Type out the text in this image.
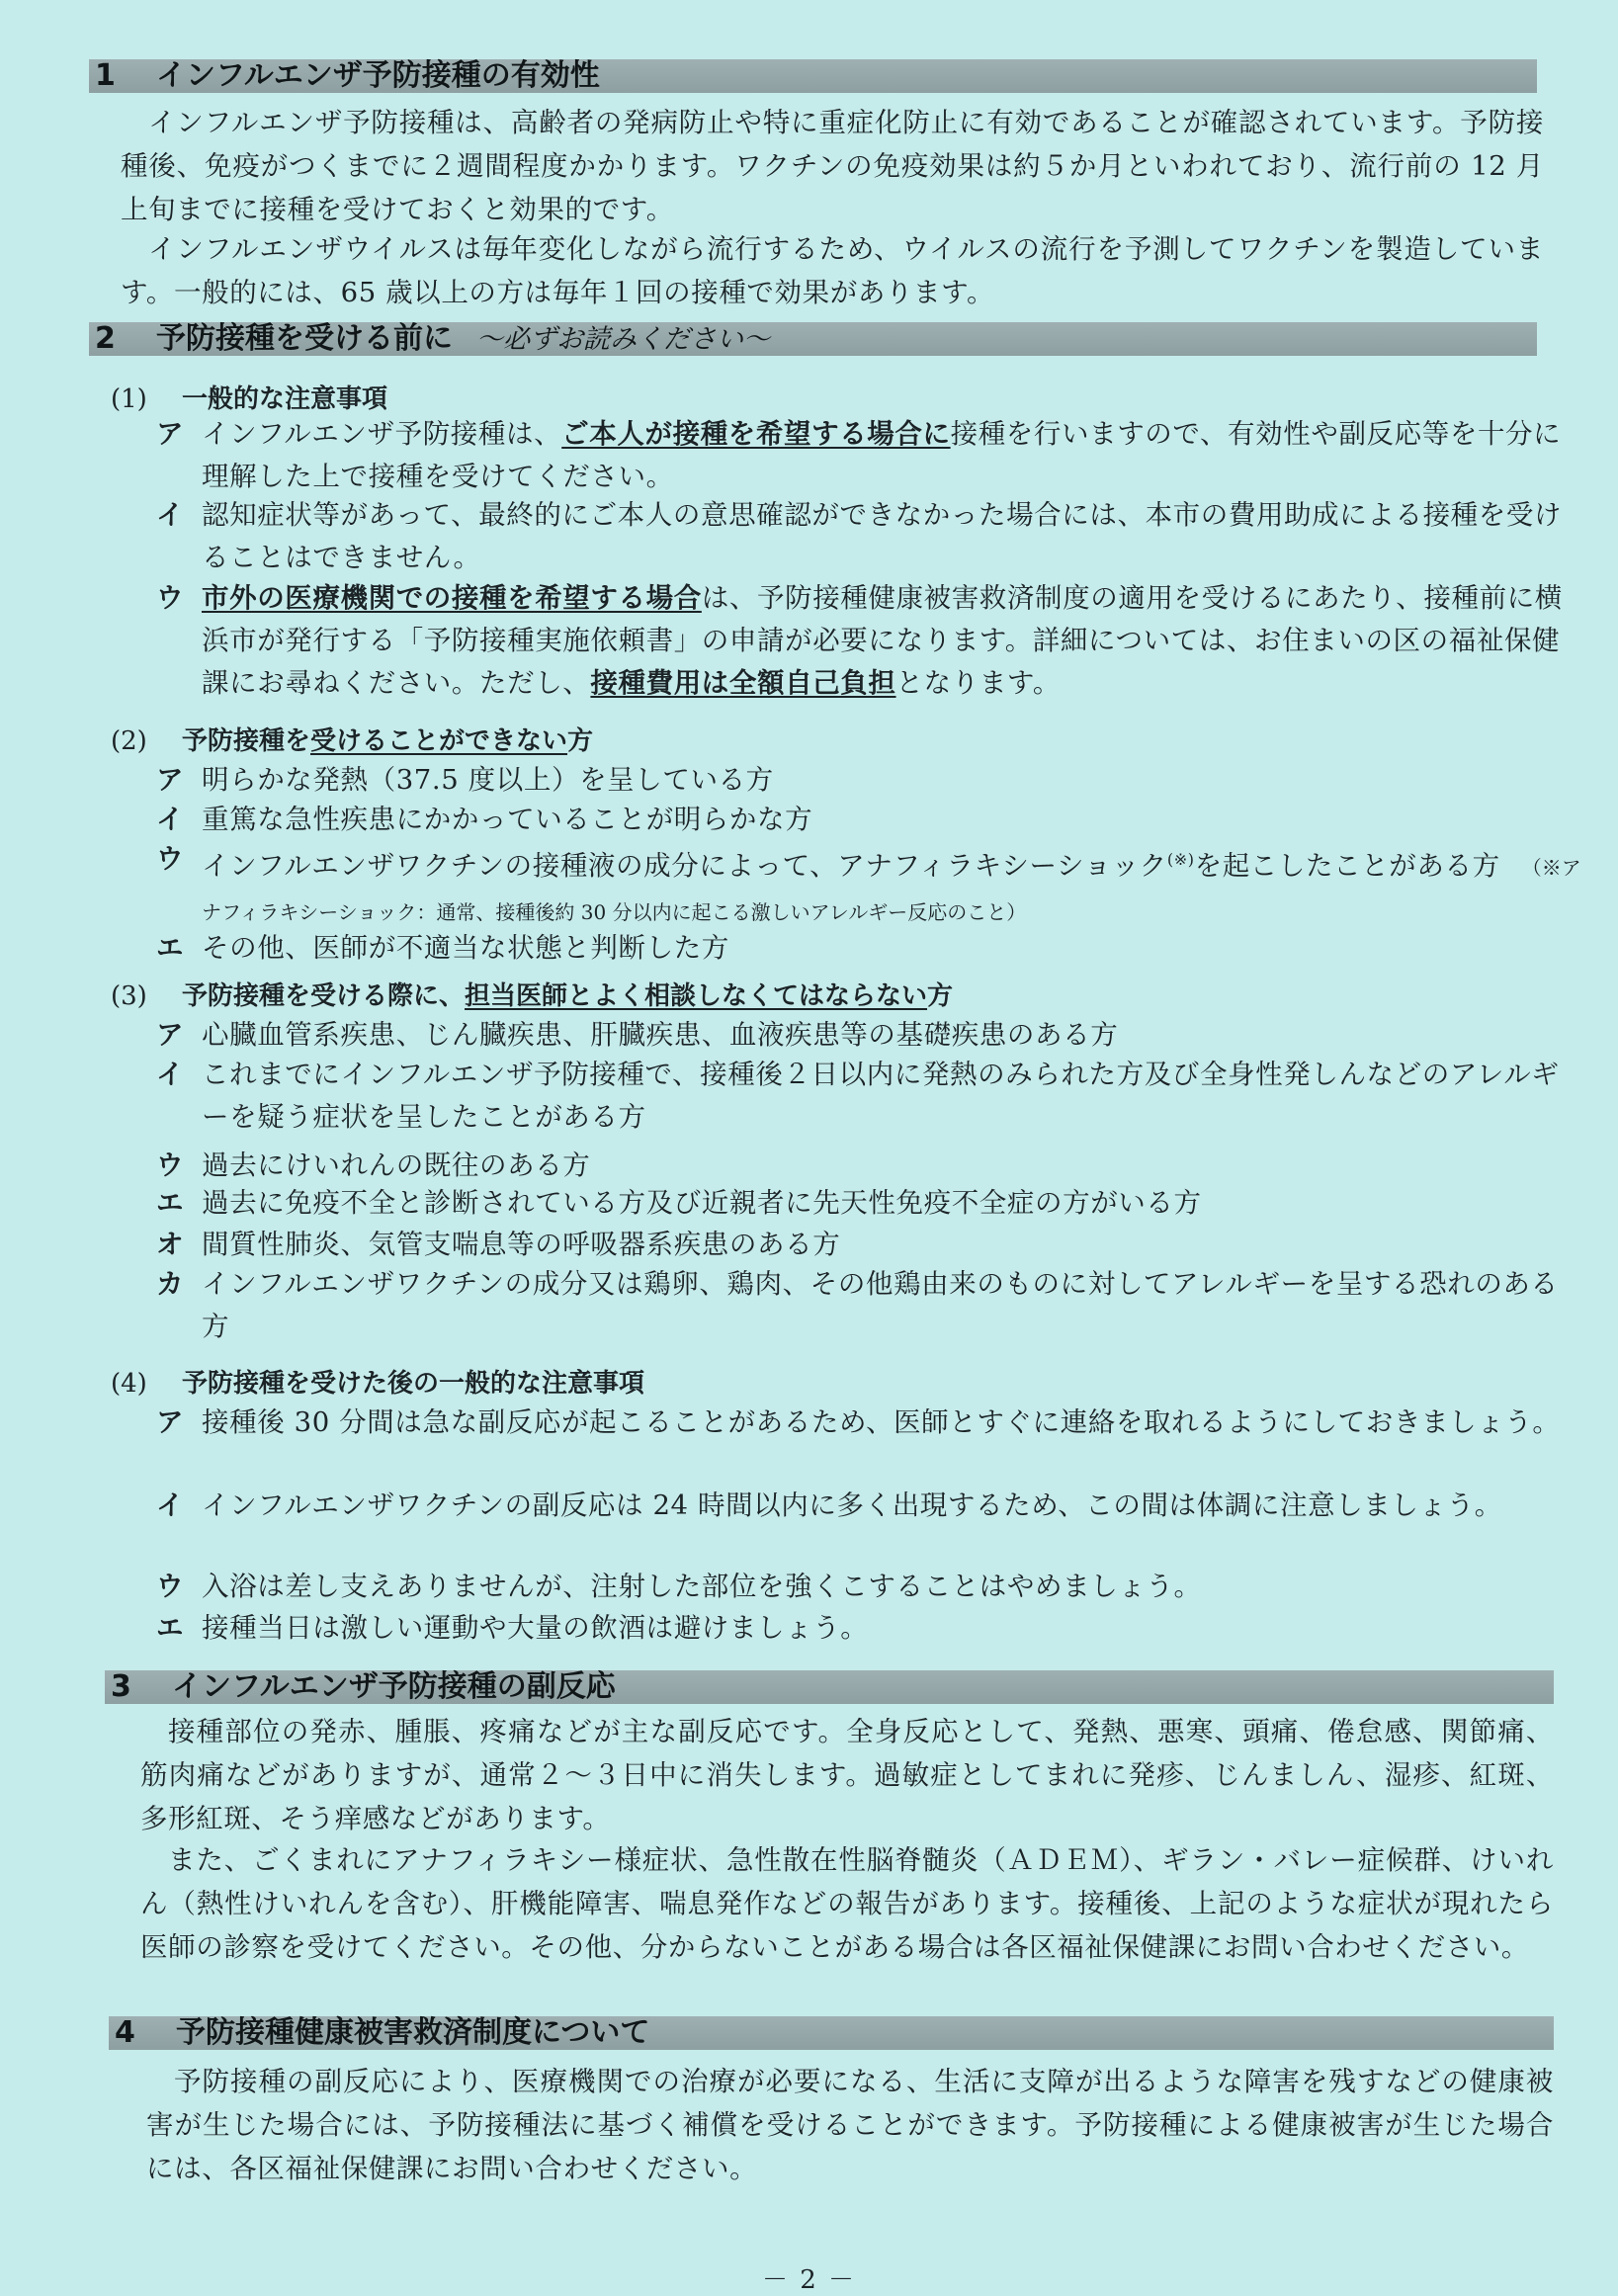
1 インフルエンザ予防接種の有効性
インフルエンザ予防接種は、高齢者の発病防止や特に重症化防止に有効であることが確認されています。予防接種後、免疫がつくまでに２週間程度かかります。ワクチンの免疫効果は約５か月といわれており、流行前の 12 月上旬までに接種を受けておくと効果的です。
インフルエンザウイルスは毎年変化しながら流行するため、ウイルスの流行を予測してワクチンを製造しています。一般的には、65 歳以上の方は毎年１回の接種で効果があります。
2 予防接種を受ける前に ～必ずお読みください～
(1) 一般的な注意事項
ア インフルエンザ予防接種は、ご本人が接種を希望する場合に接種を行いますので、有効性や副反応等を十分に理解した上で接種を受けてください。
イ 認知症状等があって、最終的にご本人の意思確認ができなかった場合には、本市の費用助成による接種を受けることはできません。
ウ 市外の医療機関での接種を希望する場合は、予防接種健康被害救済制度の適用を受けるにあたり、接種前に横浜市が発行する「予防接種実施依頼書」の申請が必要になります。詳細については、お住まいの区の福祉保健課にお尋ねください。ただし、接種費用は全額自己負担となります。
(2) 予防接種を受けることができない方
ア 明らかな発熱（37.5 度以上）を呈している方
イ 重篤な急性疾患にかかっていることが明らかな方
ウ インフルエンザワクチンの接種液の成分によって、アナフィラキシーショック(※)を起こしたことがある方 （※アナフィラキシーショック：通常、接種後約 30 分以内に起こる激しいアレルギー反応のこと）
エ その他、医師が不適当な状態と判断した方
(3) 予防接種を受ける際に、担当医師とよく相談しなくてはならない方
ア 心臓血管系疾患、じん臓疾患、肝臓疾患、血液疾患等の基礎疾患のある方
イ これまでにインフルエンザ予防接種で、接種後２日以内に発熱のみられた方及び全身性発しんなどのアレルギーを疑う症状を呈したことがある方
ウ 過去にけいれんの既往のある方
エ 過去に免疫不全と診断されている方及び近親者に先天性免疫不全症の方がいる方
オ 間質性肺炎、気管支喘息等の呼吸器系疾患のある方
カ インフルエンザワクチンの成分又は鶏卵、鶏肉、その他鶏由来のものに対してアレルギーを呈する恐れのある方
(4) 予防接種を受けた後の一般的な注意事項
ア 接種後 30 分間は急な副反応が起こることがあるため、医師とすぐに連絡を取れるようにしておきましょう。
イ インフルエンザワクチンの副反応は 24 時間以内に多く出現するため、この間は体調に注意しましょう。
ウ 入浴は差し支えありませんが、注射した部位を強くこすることはやめましょう。
エ 接種当日は激しい運動や大量の飲酒は避けましょう。
3 インフルエンザ予防接種の副反応
接種部位の発赤、腫脹、疼痛などが主な副反応です。全身反応として、発熱、悪寒、頭痛、倦怠感、関節痛、筋肉痛などがありますが、通常２～３日中に消失します。過敏症としてまれに発疹、じんましん、湿疹、紅斑、多形紅斑、そう痒感などがあります。
また、ごくまれにアナフィラキシー様症状、急性散在性脳脊髄炎（ＡＤＥＭ）、ギラン・バレー症候群、けいれん（熱性けいれんを含む）、肝機能障害、喘息発作などの報告があります。接種後、上記のような症状が現れたら医師の診察を受けてください。その他、分からないことがある場合は各区福祉保健課にお問い合わせください。
4 予防接種健康被害救済制度について
予防接種の副反応により、医療機関での治療が必要になる、生活に支障が出るような障害を残すなどの健康被害が生じた場合には、予防接種法に基づく補償を受けることができます。予防接種による健康被害が生じた場合には、各区福祉保健課にお問い合わせください。
－ 2 －
